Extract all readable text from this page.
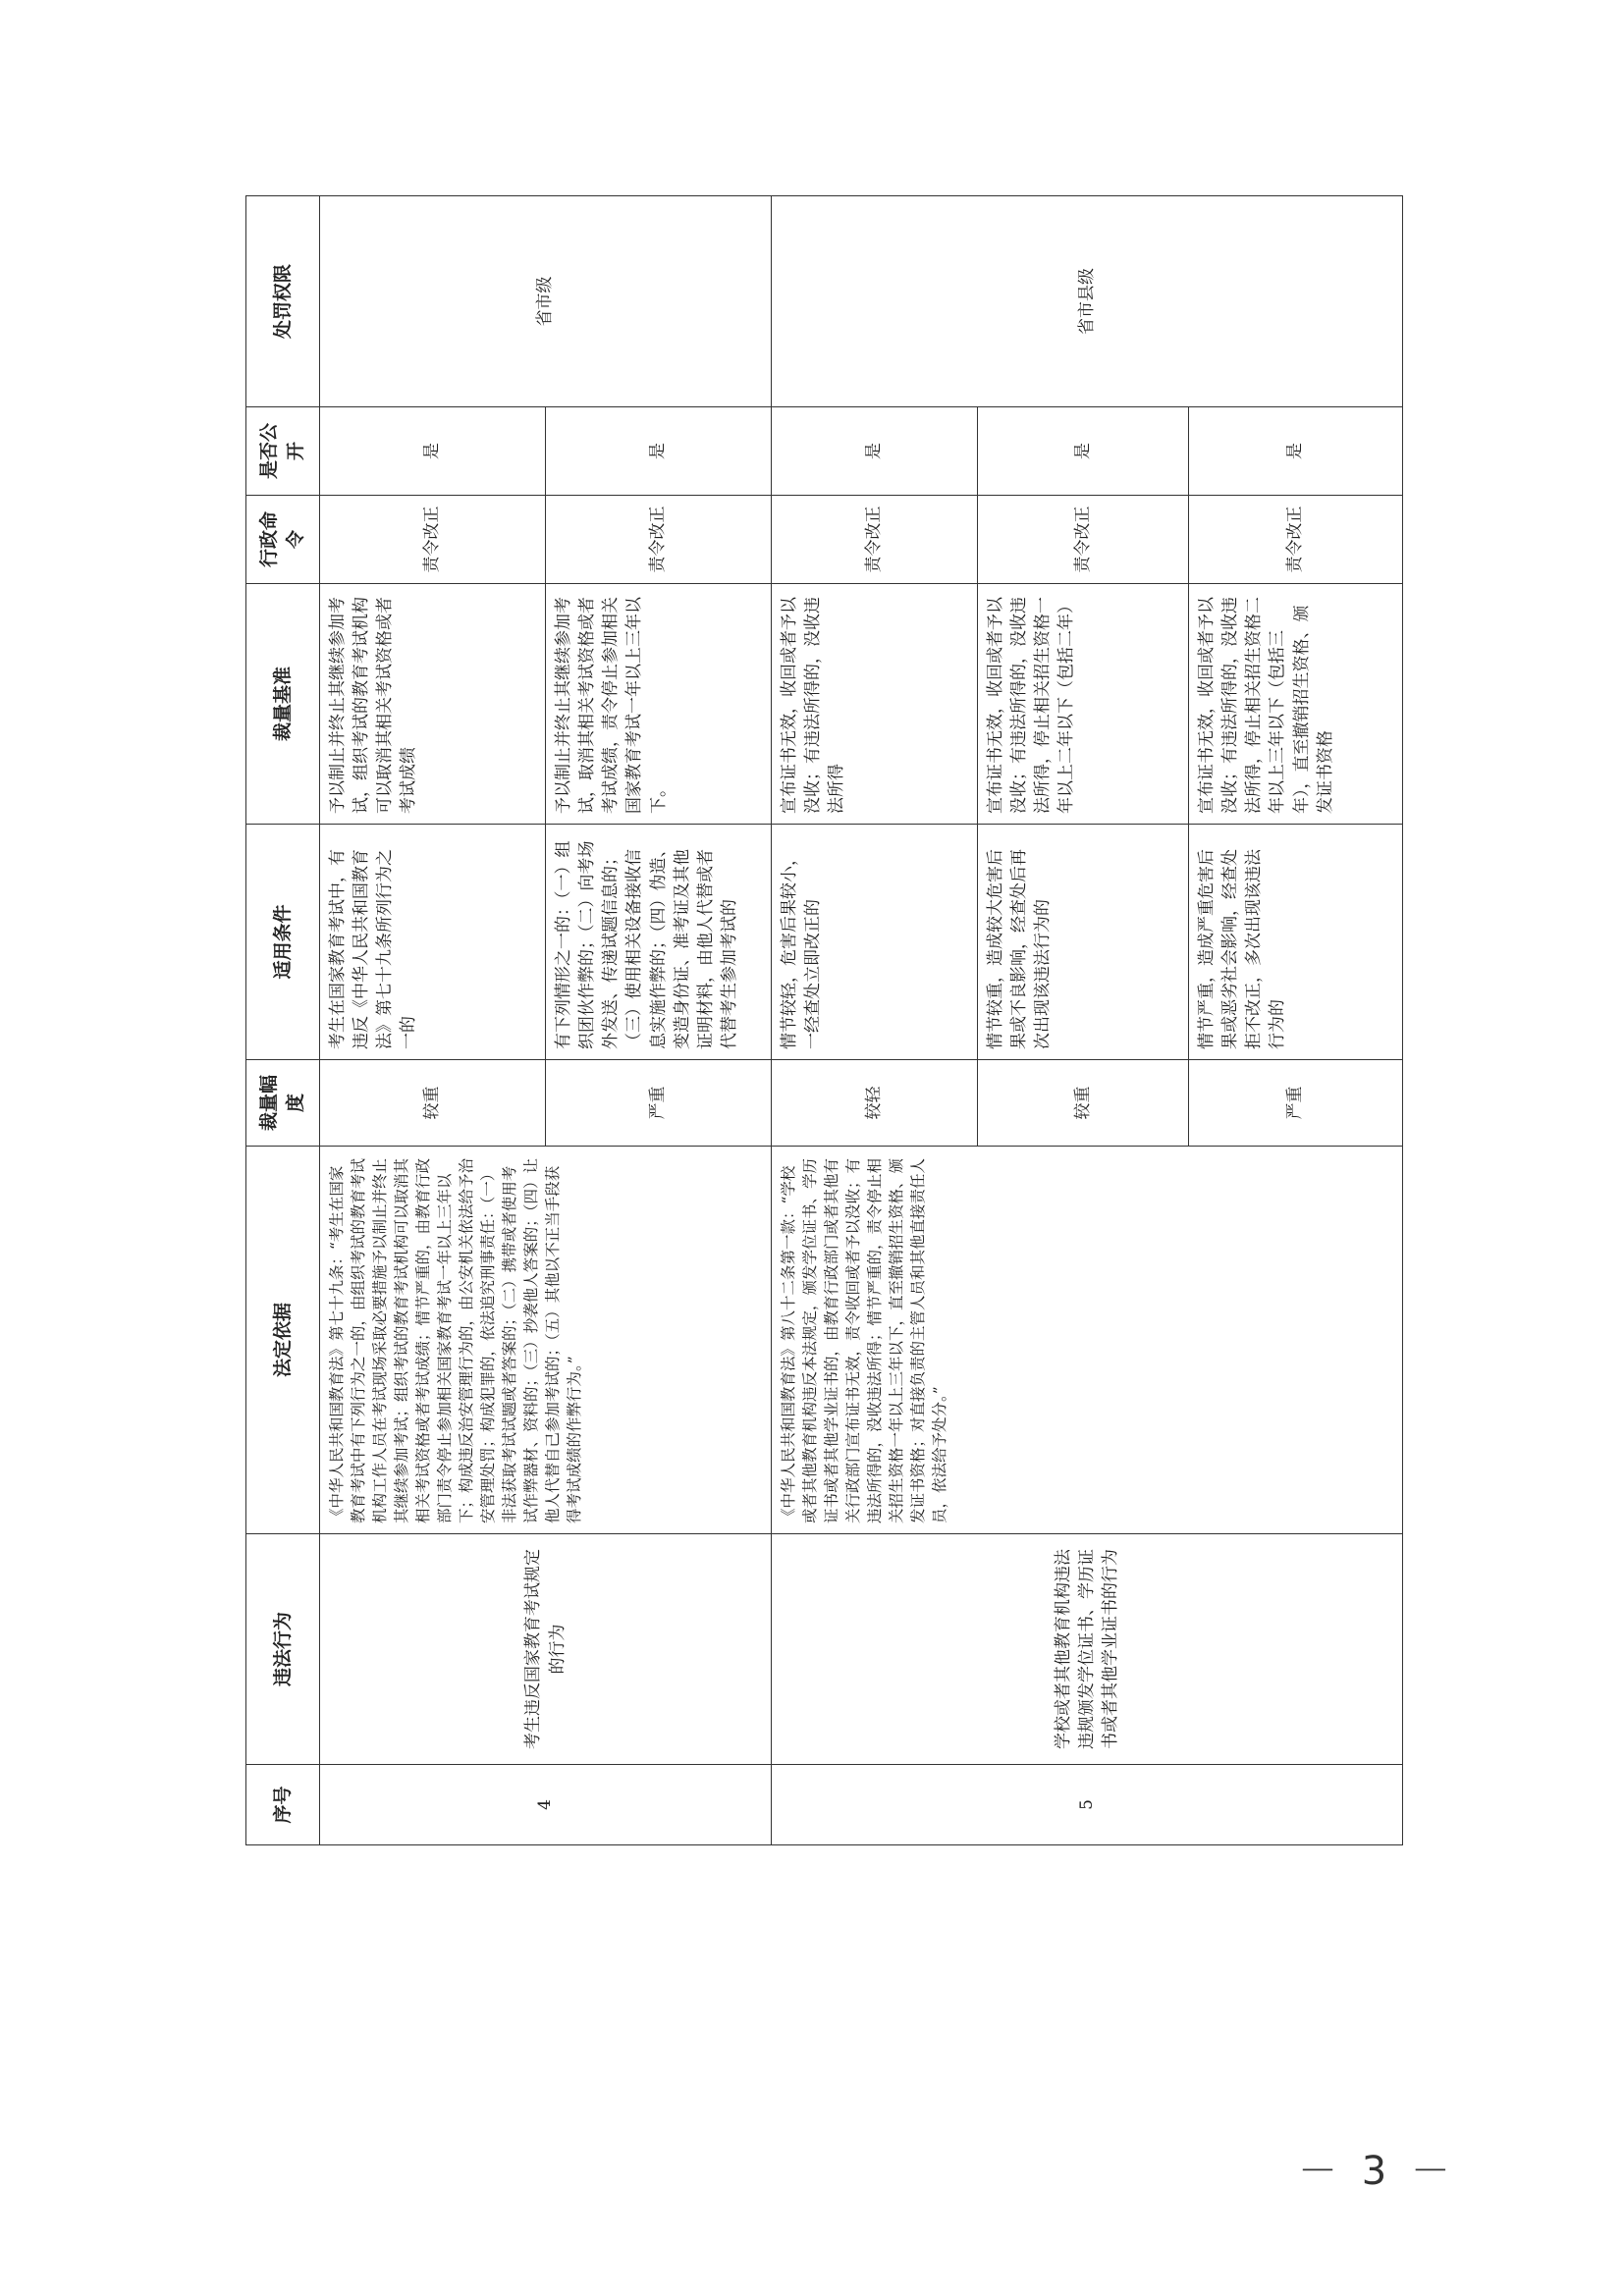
序号	违法行为	法定依据	裁量幅度	适用条件	裁量基准	行政命令	是否公开	处罚权限
4	考生违反国家教育考试规定的行为	《中华人民共和国教育法》第七十九条：“考生在国家教育考试中有下列行为之一的，由组织考试的教育考试机构工作人员在考试现场采取必要措施予以制止并终止其继续参加考试；组织考试的教育考试机构可以取消其相关考试资格或者考试成绩；情节严重的，由教育行政部门责令停止参加相关国家教育考试一年以上三年以下；构成违反治安管理行为的，由公安机关依法给予治安管理处罚；构成犯罪的，依法追究刑事责任：（一）非法获取考试试题或者答案的；（二）携带或者使用考试作弊器材、资料的；（三）抄袭他人答案的；（四）让他人代替自己参加考试的；（五）其他以不正当手段获得考试成绩的作弊行为。”	较重	考生在国家教育考试中，有违反《中华人民共和国教育法》第七十九条所列行为之一的	予以制止并终止其继续参加考试，组织考试的教育考试机构可以取消其相关考试资格或者考试成绩	责令改正	是	省市级
			严重	有下列情形之一的：（一）组织团伙作弊的；（二）向考场外发送、传递试题信息的；（三）使用相关设备接收信息实施作弊的；（四）伪造、变造身份证、准考证及其他证明材料，由他人代替或者代替考生参加考试的	予以制止并终止其继续参加考试，取消其相关考试资格或者考试成绩，责令停止参加相关国家教育考试一年以上三年以下。	责令改正	是	
5	学校或者其他教育机构违法违规颁发学位证书、学历证书或者其他学业证书的行为	《中华人民共和国教育法》第八十二条第一款：“学校或者其他教育机构违反本法规定，颁发学位证书、学历证书或者其他学业证书的，由教育行政部门或者其他有关行政部门宣布证书无效，责令收回或者予以没收；有违法所得的，没收违法所得；情节严重的，责令停止相关招生资格一年以上三年以下，直至撤销招生资格、颁发证书资格；对直接负责的主管人员和其他直接责任人员，依法给予处分。”	较轻	情节较轻，危害后果较小，一经查处立即改正的	宣布证书无效，收回或者予以没收；有违法所得的，没收违法所得	责令改正	是	省市县级
			较重	情节较重，造成较大危害后果或不良影响，经查处后再次出现该违法行为的	宣布证书无效，收回或者予以没收；有违法所得的，没收违法所得，停止相关招生资格一年以上二年以下（包括二年）	责令改正	是	
			严重	情节严重，造成严重危害后果或恶劣社会影响，经查处拒不改正，多次出现该违法行为的	宣布证书无效，收回或者予以没收；有违法所得的，没收违法所得，停止相关招生资格二年以上三年以下（包括三年），直至撤销招生资格、颁发证书资格	责令改正	是	
－ 3 －
